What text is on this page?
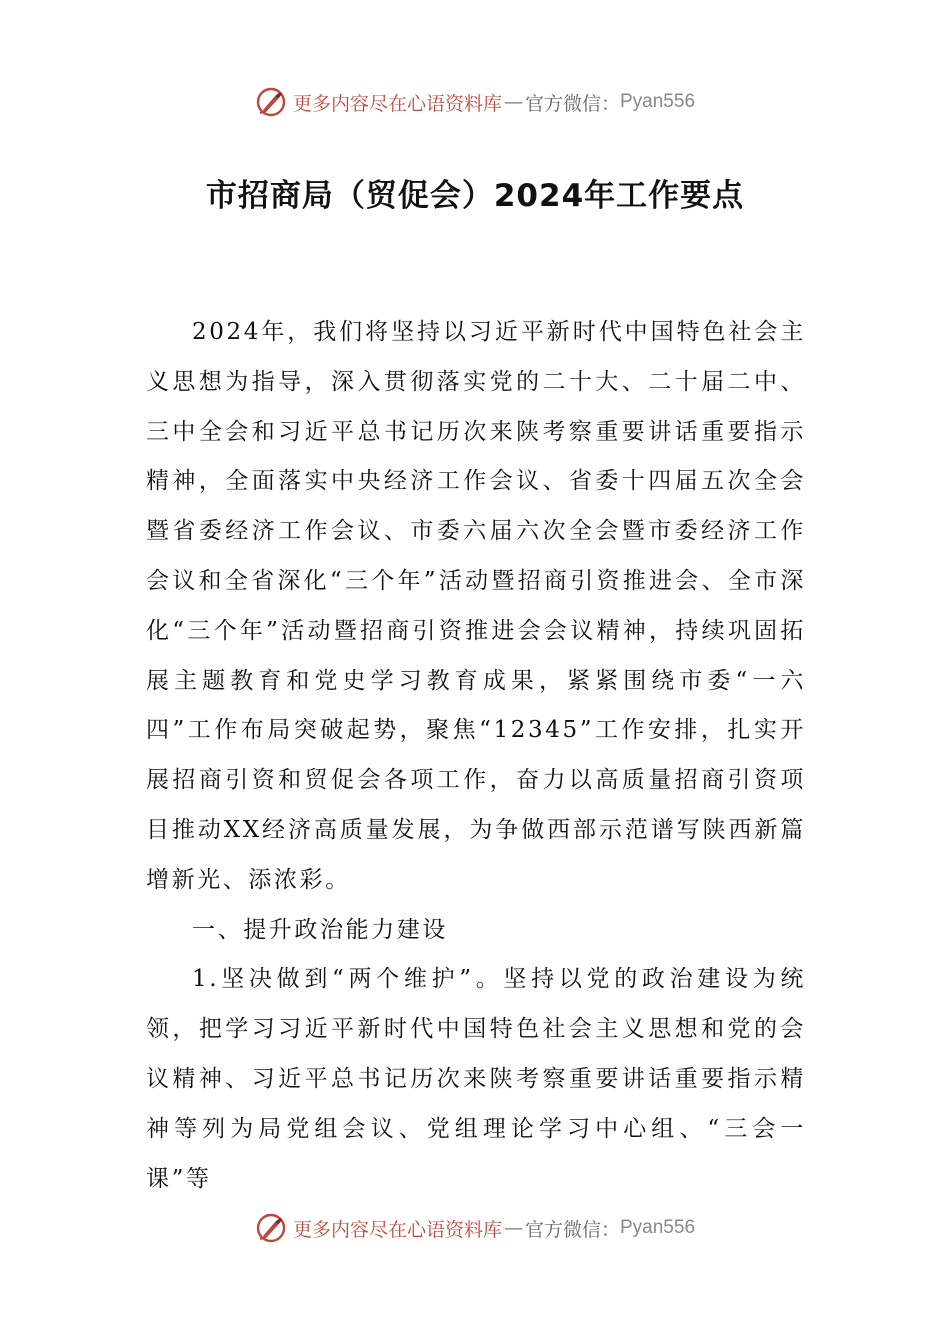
更多内容尽在心语资料库 — 官方微信： Pyan556
市招商局（贸促会）2024年工作要点

2024年，我们将坚持以习近平新时代中国特色社会主义思想为指导，深入贯彻落实党的二十大、二十届二中、三中全会和习近平总书记历次来陕考察重要讲话重要指示精神，全面落实中央经济工作会议、省委十四届五次全会暨省委经济工作会议、市委六届六次全会暨市委经济工作会议和全省深化“三个年”活动暨招商引资推进会、全市深化“三个年”活动暨招商引资推进会会议精神，持续巩固拓展主题教育和党史学习教育成果，紧紧围绕市委“一六四”工作布局突破起势，聚焦“12345”工作安排，扎实开展招商引资和贸促会各项工作，奋力以高质量招商引资项目推动XX经济高质量发展，为争做西部示范谱写陕西新篇增新光、添浓彩。

一、提升政治能力建设

1.坚决做到“两个维护”。坚持以党的政治建设为统领，把学习习近平新时代中国特色社会主义思想和党的会议精神、习近平总书记历次来陕考察重要讲话重要指示精神等列为局党组会议、党组理论学习中心组、“三会一课”等

更多内容尽在心语资料库 — 官方微信： Pyan556
